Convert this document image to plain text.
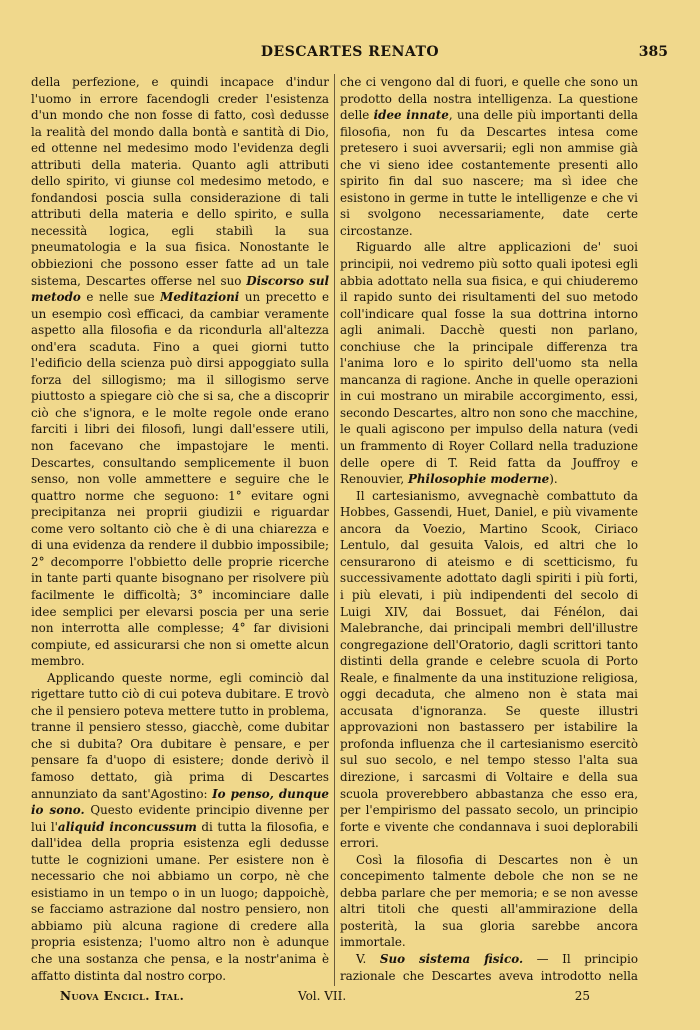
DESCARTES RENATO	385

della perfezione, e quindi incapace d'indur l'uomo in errore facendogli creder l'esistenza d'un mondo che non fosse di fatto, così dedusse la realità del mondo dalla bontà e santità di Dio, ed ottenne nel medesimo modo l'evidenza degli attributi della materia. Quanto agli attributi dello spirito, vi giunse col medesimo metodo, e fondandosi poscia sulla considerazione di tali attributi della materia e dello spirito, e sulla necessità logica, egli stabilì la sua pneumatologia e la sua fisica. Nonostante le obbiezioni che possono esser fatte ad un tale sistema, Descartes offerse nel suo Discorso sul metodo e nelle sue Meditazioni un precetto e un esempio così efficaci, da cambiar veramente aspetto alla filosofia e da ricondurla all'altezza ond'era scaduta. Fino a quei giorni tutto l'edificio della scienza può dirsi appoggiato sulla forza del sillogismo; ma il sillogismo serve piuttosto a spiegare ciò che si sa, che a discoprir ciò che s'ignora, e le molte regole onde erano farciti i libri dei filosofi, lungi dall'essere utili, non facevano che impastojare le menti. Descartes, consultando semplicemente il buon senso, non volle ammettere e seguire che le quattro norme che seguono: 1° evitare ogni precipitanza nei proprii giudizii e riguardar come vero soltanto ciò che è di una chiarezza e di una evidenza da rendere il dubbio impossibile; 2° decomporre l'obbietto delle proprie ricerche in tante parti quante bisognano per risolvere più facilmente le difficoltà; 3° incominciare dalle idee semplici per elevarsi poscia per una serie non interrotta alle complesse; 4° far divisioni compiute, ed assicurarsi che non si omette alcun membro.

Applicando queste norme, egli cominciò dal rigettare tutto ciò di cui poteva dubitare. E trovò che il pensiero poteva mettere tutto in problema, tranne il pensiero stesso, giacchè, come dubitar che si dubita? Ora dubitare è pensare, e per pensare fa d'uopo di esistere; donde derivò il famoso dettato, già prima di Descartes annunziato da sant'Agostino: Io penso, dunque io sono. Questo evidente principio divenne per lui l'aliquid inconcussum di tutta la filosofia, e dall'idea della propria esistenza egli dedusse tutte le cognizioni umane. Per esistere non è necessario che noi abbiamo un corpo, nè che esistiamo in un tempo o in un luogo; dappoichè, se facciamo astrazione dal nostro pensiero, non abbiamo più alcuna ragione di credere alla propria esistenza; l'uomo altro non è adunque che una sostanza che pensa, e la nostr'anima è affatto distinta dal nostro corpo.

che ci vengono dal di fuori, e quelle che sono un prodotto della nostra intelligenza. La questione delle idee innate, una delle più importanti della filosofia, non fu da Descartes intesa come pretesero i suoi avversarii; egli non ammise già che vi sieno idee costantemente presenti allo spirito fin dal suo nascere; ma sì idee che esistono in germe in tutte le intelligenze e che vi si svolgono necessariamente, date certe circostanze.

Riguardo alle altre applicazioni de' suoi principii, noi vedremo più sotto quali ipotesi egli abbia adottato nella sua fisica, e qui chiuderemo il rapido sunto dei risultamenti del suo metodo coll'indicare qual fosse la sua dottrina intorno agli animali. Dacchè questi non parlano, conchiuse che la principale differenza tra l'anima loro e lo spirito dell'uomo sta nella mancanza di ragione. Anche in quelle operazioni in cui mostrano un mirabile accorgimento, essi, secondo Descartes, altro non sono che macchine, le quali agiscono per impulso della natura (vedi un frammento di Royer Collard nella traduzione delle opere di T. Reid fatta da Jouffroy e Renouvier, Philosophie moderne).

Il cartesianismo, avvegnachè combattuto da Hobbes, Gassendi, Huet, Daniel, e più vivamente ancora da Voezio, Martino Scook, Ciriaco Lentulo, dal gesuita Valois, ed altri che lo censurarono di ateismo e di scetticismo, fu successivamente adottato dagli spiriti i più forti, i più elevati, i più indipendenti del secolo di Luigi XIV, dai Bossuet, dai Fénélon, dai Malebranche, dai principali membri dell'illustre congregazione dell'Oratorio, dagli scrittori tanto distinti della grande e celebre scuola di Porto Reale, e finalmente da una instituzione religiosa, oggi decaduta, che almeno non è stata mai accusata d'ignoranza. Se queste illustri approvazioni non bastassero per istabilire la profonda influenza che il cartesianismo esercitò sul suo secolo, e nel tempo stesso l'alta sua direzione, i sarcasmi di Voltaire e della sua scuola proverebbero abbastanza che esso era, per l'empirismo del passato secolo, un principio forte e vivente che condannava i suoi deplorabili errori.

Così la filosofia di Descartes non è un concepimento talmente debole che non se ne debba parlare che per memoria; e se non avesse altri titoli che questi all'ammirazione della posterità, la sua gloria sarebbe ancora immortale.

V. Suo sistema fisico. — Il principio razionale che Descartes aveva introdotto nella

Nuova Encicl. Ital.	Vol. VII.	25
